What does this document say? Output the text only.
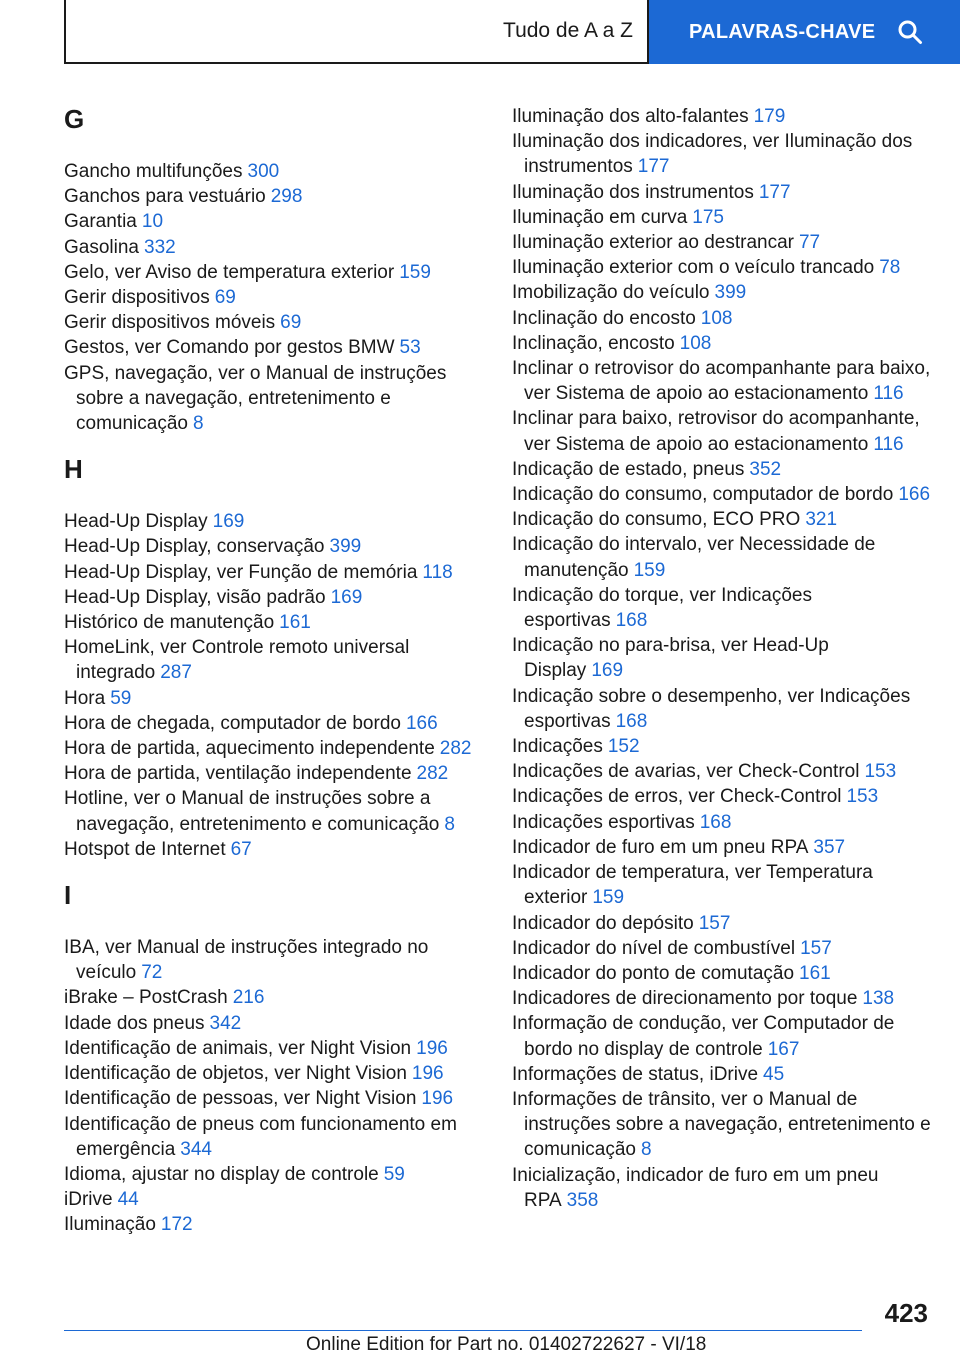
Tudo de A a Z	PALAVRAS-CHAVE
G
Gancho multifunções 300
Ganchos para vestuário 298
Garantia 10
Gasolina 332
Gelo, ver Aviso de temperatura exterior 159
Gerir dispositivos 69
Gerir dispositivos móveis 69
Gestos, ver Comando por gestos BMW 53
GPS, navegação, ver o Manual de instruções sobre a navegação, entretenimento e comunicação 8
H
Head-Up Display 169
Head-Up Display, conservação 399
Head-Up Display, ver Função de memória 118
Head-Up Display, visão padrão 169
Histórico de manutenção 161
HomeLink, ver Controle remoto universal integrado 287
Hora 59
Hora de chegada, computador de bordo 166
Hora de partida, aquecimento independente 282
Hora de partida, ventilação independente 282
Hotline, ver o Manual de instruções sobre a navegação, entretenimento e comunicação 8
Hotspot de Internet 67
I
IBA, ver Manual de instruções integrado no veículo 72
iBrake – PostCrash 216
Idade dos pneus 342
Identificação de animais, ver Night Vision 196
Identificação de objetos, ver Night Vision 196
Identificação de pessoas, ver Night Vision 196
Identificação de pneus com funcionamento em emergência 344
Idioma, ajustar no display de controle 59
iDrive 44
Iluminação 172
Iluminação dos alto-falantes 179
Iluminação dos indicadores, ver Iluminação dos instrumentos 177
Iluminação dos instrumentos 177
Iluminação em curva 175
Iluminação exterior ao destrancar 77
Iluminação exterior com o veículo trancado 78
Imobilização do veículo 399
Inclinação do encosto 108
Inclinação, encosto 108
Inclinar o retrovisor do acompanhante para baixo, ver Sistema de apoio ao estacionamento 116
Inclinar para baixo, retrovisor do acompanhante, ver Sistema de apoio ao estacionamento 116
Indicação de estado, pneus 352
Indicação do consumo, computador de bordo 166
Indicação do consumo, ECO PRO 321
Indicação do intervalo, ver Necessidade de manutenção 159
Indicação do torque, ver Indicações esportivas 168
Indicação no para-brisa, ver Head-Up Display 169
Indicação sobre o desempenho, ver Indicações esportivas 168
Indicações 152
Indicações de avarias, ver Check-Control 153
Indicações de erros, ver Check-Control 153
Indicações esportivas 168
Indicador de furo em um pneu RPA 357
Indicador de temperatura, ver Temperatura exterior 159
Indicador do depósito 157
Indicador do nível de combustível 157
Indicador do ponto de comutação 161
Indicadores de direcionamento por toque 138
Informação de condução, ver Computador de bordo no display de controle 167
Informações de status, iDrive 45
Informações de trânsito, ver o Manual de instruções sobre a navegação, entretenimento e comunicação 8
Inicialização, indicador de furo em um pneu RPA 358
423
Online Edition for Part no. 01402722627 - VI/18
